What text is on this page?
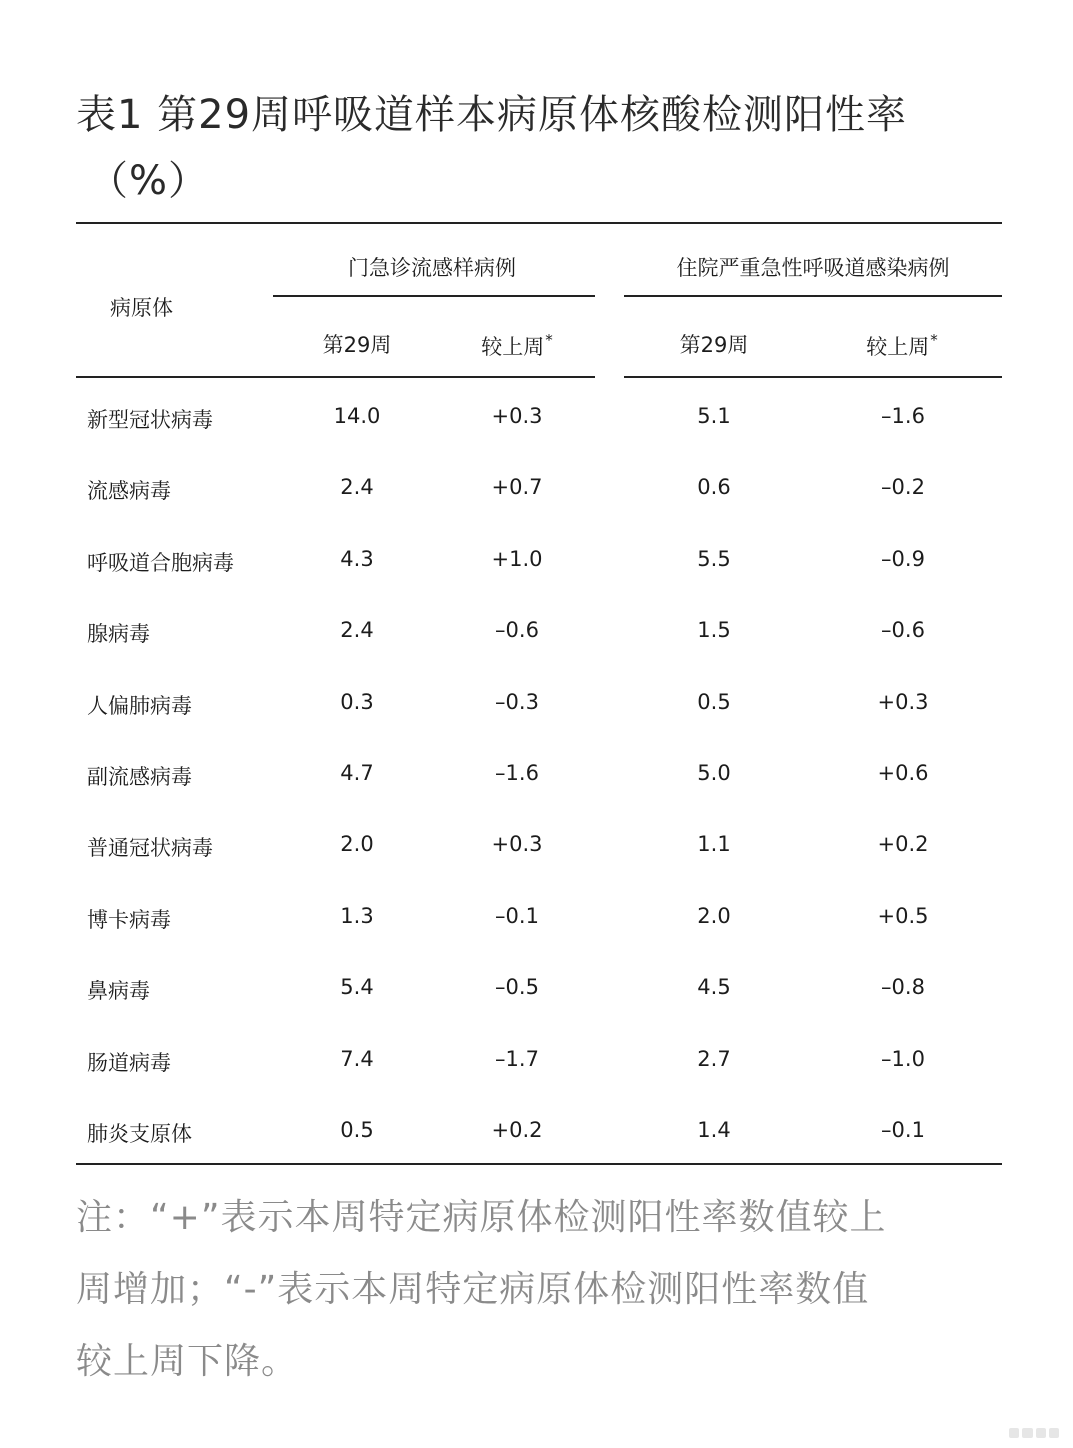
表1 第29周呼吸道样本病原体核酸检测阳性率
（%）
病原体
门急诊流感样病例	住院严重急性呼吸道感染病例
第29周	较上周*	第29周	较上周*
新型冠状病毒	14.0	+0.3	5.1	–1.6
流感病毒	2.4	+0.7	0.6	–0.2
呼吸道合胞病毒	4.3	+1.0	5.5	–0.9
腺病毒	2.4	–0.6	1.5	–0.6
人偏肺病毒	0.3	–0.3	0.5	+0.3
副流感病毒	4.7	–1.6	5.0	+0.6
普通冠状病毒	2.0	+0.3	1.1	+0.2
博卡病毒	1.3	–0.1	2.0	+0.5
鼻病毒	5.4	–0.5	4.5	–0.8
肠道病毒	7.4	–1.7	2.7	–1.0
肺炎支原体	0.5	+0.2	1.4	–0.1
注：“+”表示本周特定病原体检测阳性率数值较上
周增加；“-”表示本周特定病原体检测阳性率数值
较上周下降。
